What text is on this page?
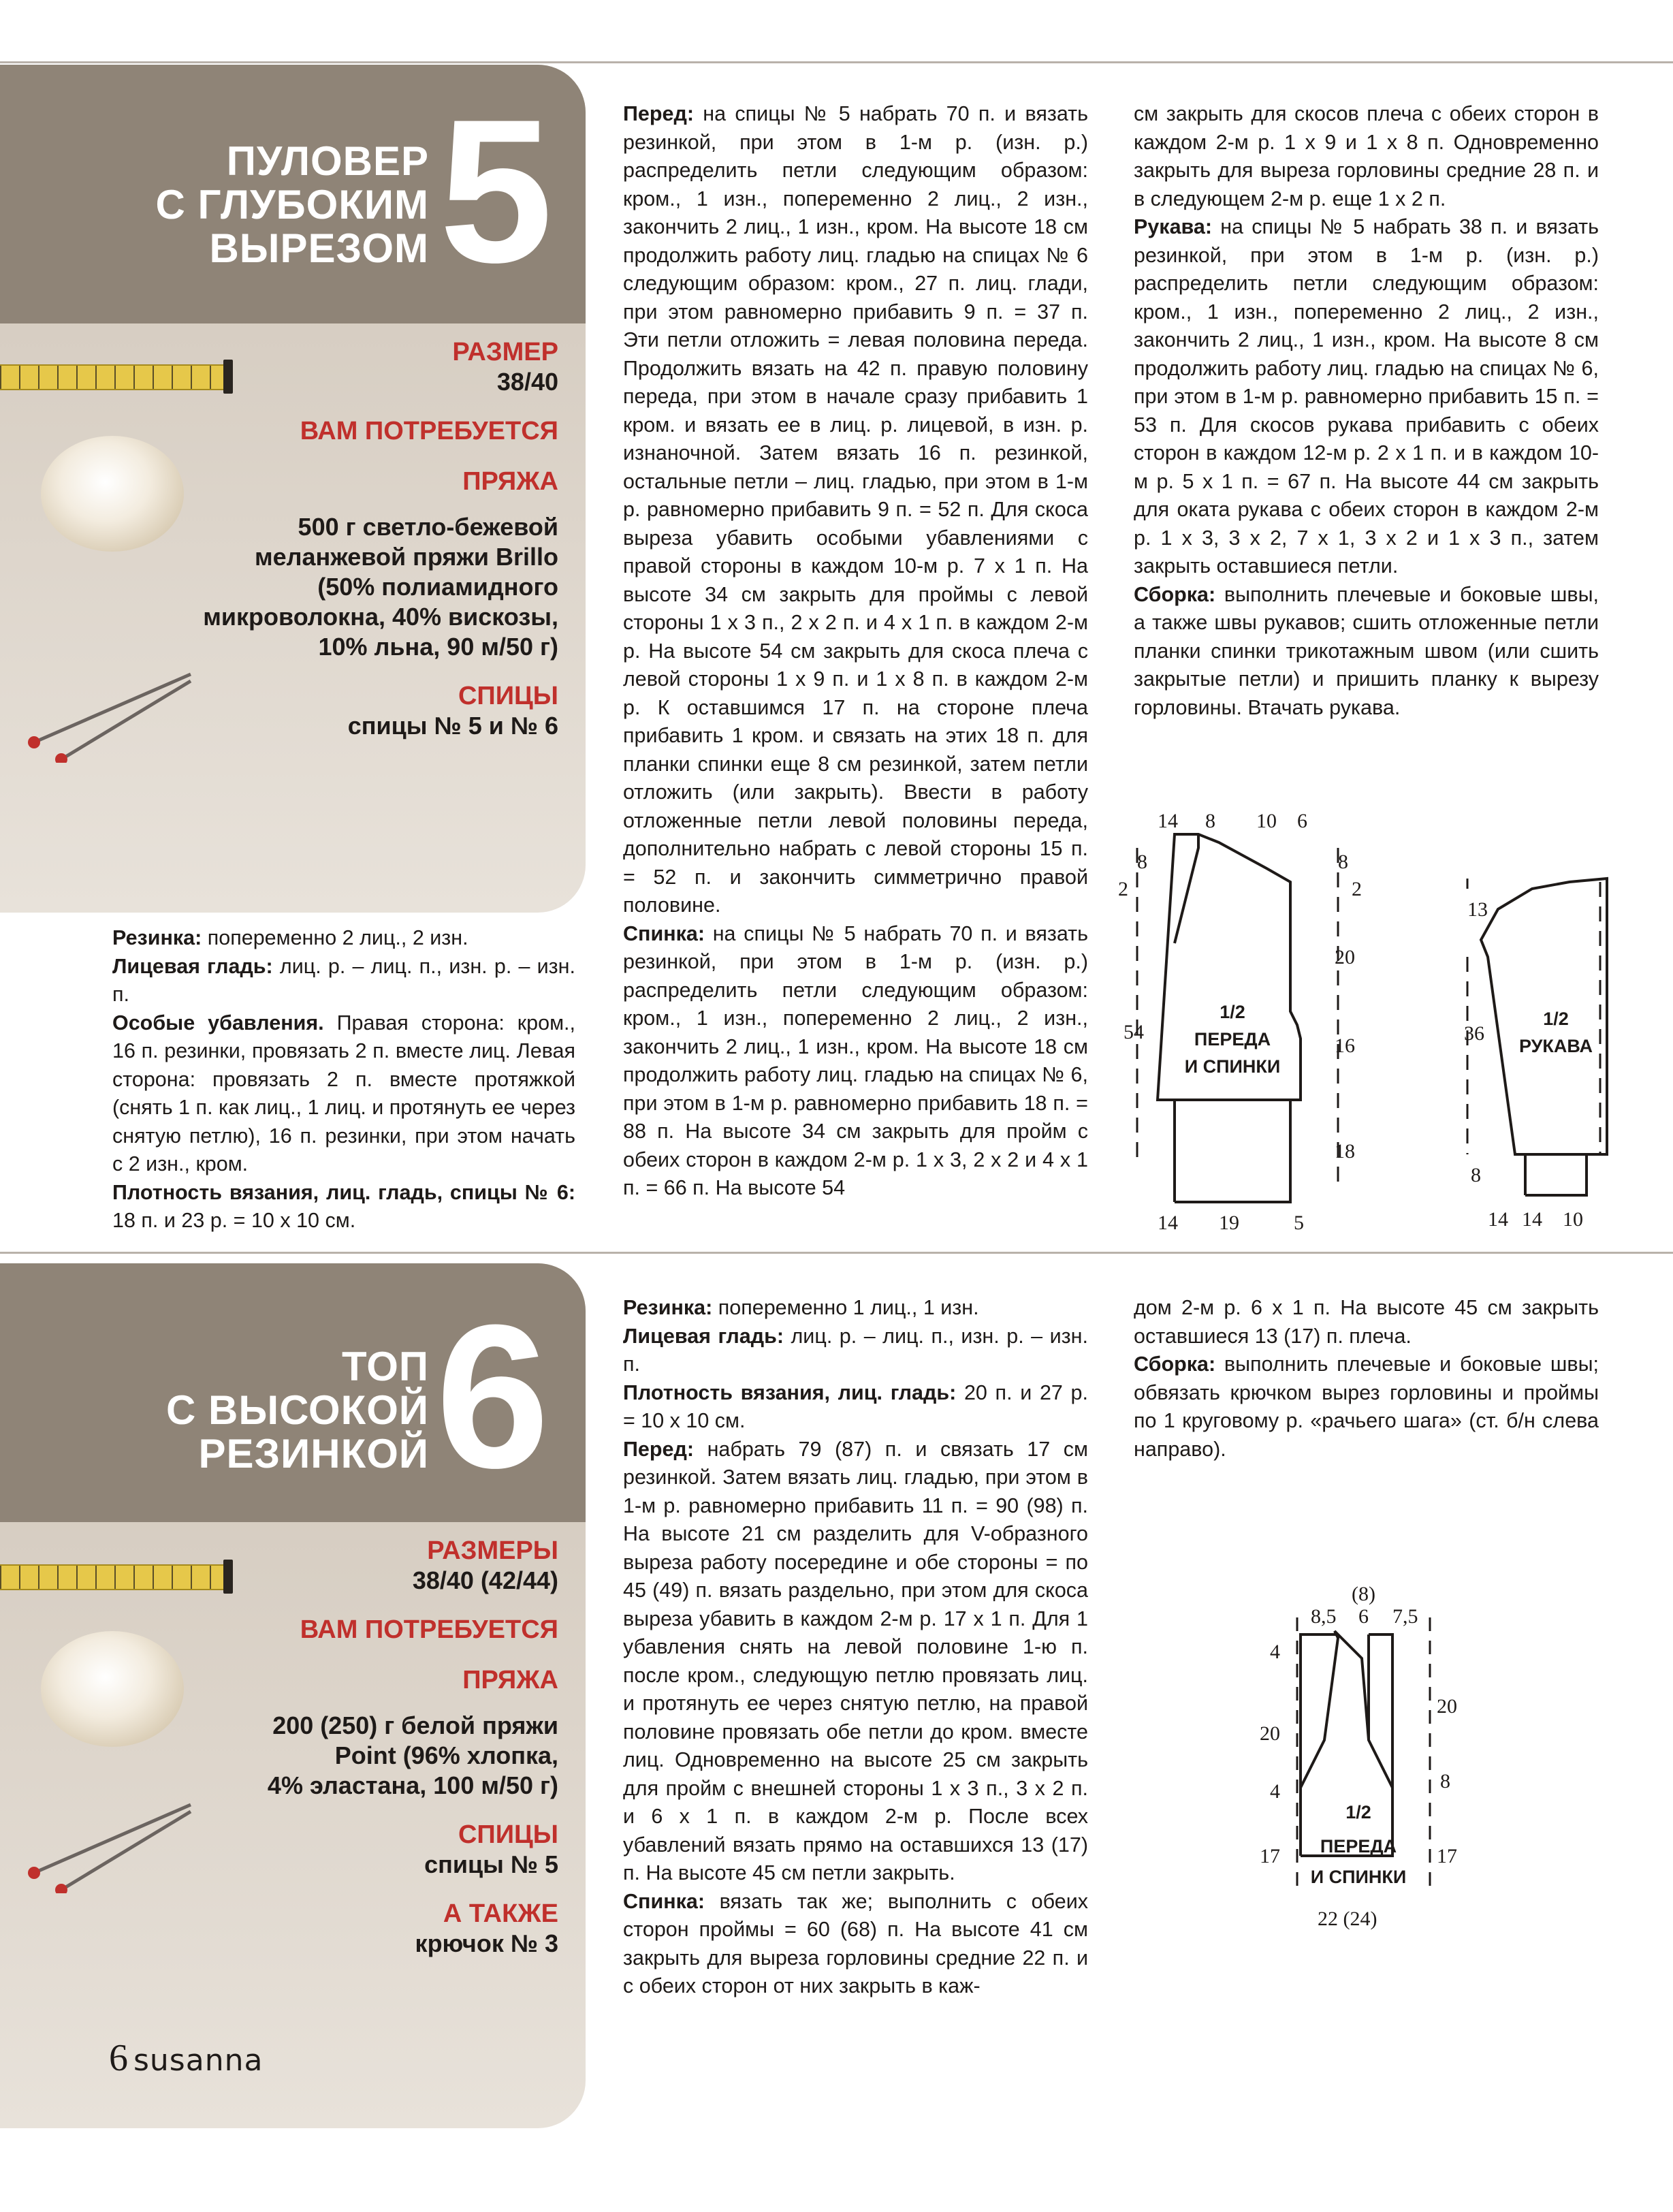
ПУЛОВЕР
С ГЛУБОКИМ
ВЫРЕЗОМ 5
РАЗМЕР
38/40
ВАМ ПОТРЕБУЕТСЯ
ПРЯЖА
500 г светло-бежевой
меланжевой пряжи Brillo
(50% полиамидного
микроволокна, 40% вискозы,
10% льна, 90 м/50 г)
СПИЦЫ
спицы № 5 и № 6

Резинка: попеременно 2 лиц., 2 изн.

Лицевая гладь: лиц. р. – лиц. п., изн. р. – изн. п.

Особые убавления. Правая сторона: кром., 16 п. резинки, провязать 2 п. вместе лиц. Левая сторона: провязать 2 п. вместе протяжкой (снять 1 п. как лиц., 1 лиц. и протянуть ее через снятую петлю), 16 п. резинки, при этом начать с 2 изн., кром.

Плотность вязания, лиц. гладь, спицы № 6: 18 п. и 23 р. = 10 х 10 см.

Перед: на спицы № 5 набрать 70 п. и вязать резинкой, при этом в 1-м р. (изн. р.) распределить петли следующим образом: кром., 1 изн., попеременно 2 лиц., 2 изн., закончить 2 лиц., 1 изн., кром. На высоте 18 см продолжить работу лиц. гладью на спицах № 6 следующим образом: кром., 27 п. лиц. глади, при этом равномерно прибавить 9 п. = 37 п. Эти петли отложить = левая половина переда. Продолжить вязать на 42 п. правую половину переда, при этом в начале сразу прибавить 1 кром. и вязать ее в лиц. р. лицевой, в изн. р. изнаночной. Затем вязать 16 п. резинкой, остальные петли – лиц. гладью, при этом в 1-м р. равномерно прибавить 9 п. = 52 п. Для скоса выреза убавить особыми убавлениями с правой стороны в каждом 10-м р. 7 х 1 п. На высоте 34 см закрыть для проймы с левой стороны 1 х 3 п., 2 х 2 п. и 4 х 1 п. в каждом 2-м р. На высоте 54 см закрыть для скоса плеча с левой стороны 1 х 9 п. и 1 х 8 п. в каждом 2-м р. К оставшимся 17 п. на стороне плеча прибавить 1 кром. и связать на этих 18 п. для планки спинки еще 8 см резинкой, затем петли отложить (или закрыть). Ввести в работу отложенные петли левой половины переда, дополнительно набрать с левой стороны 15 п. = 52 п. и закончить симметрично правой половине.

Спинка: на спицы № 5 набрать 70 п. и вязать резинкой, при этом в 1-м р. (изн. р.) распределить петли следующим образом: кром., 1 изн., попеременно 2 лиц., 2 изн., закончить 2 лиц., 1 изн., кром. На высоте 18 см продолжить работу лиц. гладью на спицах № 6, при этом в 1-м р. равномерно прибавить 18 п. = 88 п. На высоте 34 см закрыть для пройм с обеих сторон в каждом 2-м р. 1 х 3, 2 х 2 и 4 х 1 п. = 66 п. На высоте 54

см закрыть для скосов плеча с обеих сторон в каждом 2-м р. 1 х 9 и 1 х 8 п. Одновременно закрыть для выреза горловины средние 28 п. и в следующем 2-м р. еще 1 х 2 п.

Рукава: на спицы № 5 набрать 38 п. и вязать резинкой, при этом в 1-м р. (изн. р.) распределить петли следующим образом: кром., 1 изн., попеременно 2 лиц., 2 изн., закончить 2 лиц., 1 изн., кром. На высоте 8 см продолжить работу лиц. гладью на спицах № 6, при этом в 1-м р. равномерно прибавить 15 п. = 53 п. Для скосов рукава прибавить с обеих сторон в каждом 12-м р. 2 х 1 п. и в каждом 10-м р. 5 х 1 п. = 67 п. На высоте 44 см закрыть для оката рукава с обеих сторон в каждом 2-м р. 1 х 3, 3 х 2, 7 х 1, 3 х 2 и 1 х 3 п., затем закрыть оставшиеся петли.

Сборка: выполнить плечевые и боковые швы, а также швы рукавов; сшить отложенные петли планки спинки трикотажным швом (или сшить закрытые петли) и пришить планку к вырезу горловины. Втачать рукава.

14 8 10 6
8
2
54
8
2
20
16
18
14 19	5
1/2
ПЕРЕДА
И СПИНКИ
13
36
8
14 14 10
1/2
РУКАВА
ТОП
С ВЫСОКОЙ
РЕЗИНКОЙ 6
РАЗМЕРЫ
38/40 (42/44)
ВАМ ПОТРЕБУЕТСЯ
ПРЯЖА
200 (250) г белой пряжи
Point (96% хлопка,
4% эластана, 100 м/50 г)
СПИЦЫ
спицы № 5
А ТАКЖЕ
крючок № 3

Резинка: попеременно 1 лиц., 1 изн.

Лицевая гладь: лиц. р. – лиц. п., изн. р. – изн. п.

Плотность вязания, лиц. гладь: 20 п. и 27 р. = 10 х 10 см.

Перед: набрать 79 (87) п. и связать 17 см резинкой. Затем вязать лиц. гладью, при этом в 1-м р. равномерно прибавить 11 п. = 90 (98) п. На высоте 21 см разделить для V-образного выреза работу посередине и обе стороны = по 45 (49) п. вязать раздельно, при этом для скоса выреза убавить в каждом 2-м р. 17 х 1 п. Для 1 убавления снять на левой половине 1-ю п. после кром., следующую петлю провязать лиц. и протянуть ее через снятую петлю, на правой половине провязать обе петли до кром. вместе лиц. Одновременно на высоте 25 см закрыть для пройм с внешней стороны 1 х 3 п., 3 х 2 п. и 6 х 1 п. в каждом 2-м р. После всех убавлений вязать прямо на оставшихся 13 (17) п. На высоте 45 см петли закрыть.

Спинка: вязать так же; выполнить с обеих сторон проймы = 60 (68) п. На высоте 41 см закрыть для выреза горловины средние 22 п. и с обеих сторон от них закрыть в каж-

дом 2-м р. 6 х 1 п. На высоте 45 см закрыть оставшиеся 13 (17) п. плеча.

Сборка: выполнить плечевые и боковые швы; обвязать крючком вырез горловины и проймы по 1 круговому р. «рачьего шага» (ст. б/н слева направо).

(8)
8,5 6 7,5
4
20
4
17
20
8
17
22 (24)
1/2
ПЕРЕДА
И СПИНКИ
6 susanna
